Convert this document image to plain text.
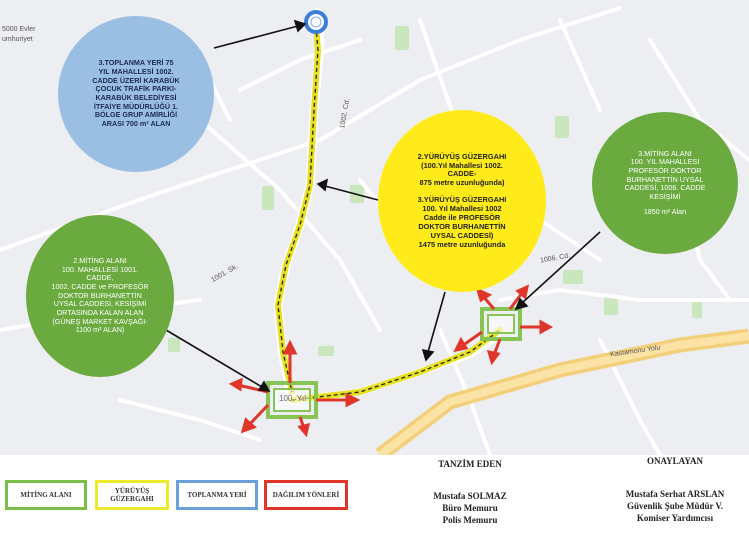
5000 Evler
umhuriyet
1002. Cd.
1001. Sk.
Kastamonu Yolu
1006. Cd.
100. Yıl
3.TOPLANMA YERİ 75
YIL MAHALLESİ 1002.
CADDE ÜZERİ KARABÜK
ÇOCUK TRAFİK PARKI-
KARABÜK BELEDİYESİ
İTFAİYE MÜDÜRLÜĞÜ 1.
BÖLGE GRUP AMİRLİĞİ
ARASI 700 m² ALAN
2.YÜRÜYÜŞ GÜZERGAHI
(100.Yıl Mahallesi 1002.
CADDE-
875 metre uzunluğunda)
3.YÜRÜYÜŞ GÜZERGAHI
100. Yıl Mahallesi 1002
Cadde ile PROFESÖR
DOKTOR BURHANETTİN
UYSAL CADDESİ)
1475 metre uzunluğunda
2.MİTİNG ALANI
100. MAHALLESİ 1001.
CADDE,
1002. CADDE ve PROFESÖR
DOKTOR BURHANETTİN
UYSAL CADDESİ, KESİŞİMİ
ORTASINDA KALAN ALAN
(GÜNEŞ MARKET KAVŞAĞI-
1100 m² ALAN)
3.MİTİNG ALANI
100. YIL MAHALLESİ
PROFESÖR DOKTOR
BURHANETTİN UYSAL
CADDESİ, 1006. CADDE
KESİŞİMİ
1850 m² Alan
MİTİNG ALANI
YÜRÜYÜŞ
GÜZERGAHI
TOPLANMA YERİ	DAĞILIM YÖNLERİ
TANZİM EDEN
Mustafa SOLMAZ
Büro Memuru
Polis Memuru
ONAYLAYAN
Mustafa Serhat ARSLAN
Güvenlik Şube Müdür V.
Komiser Yardımcısı
